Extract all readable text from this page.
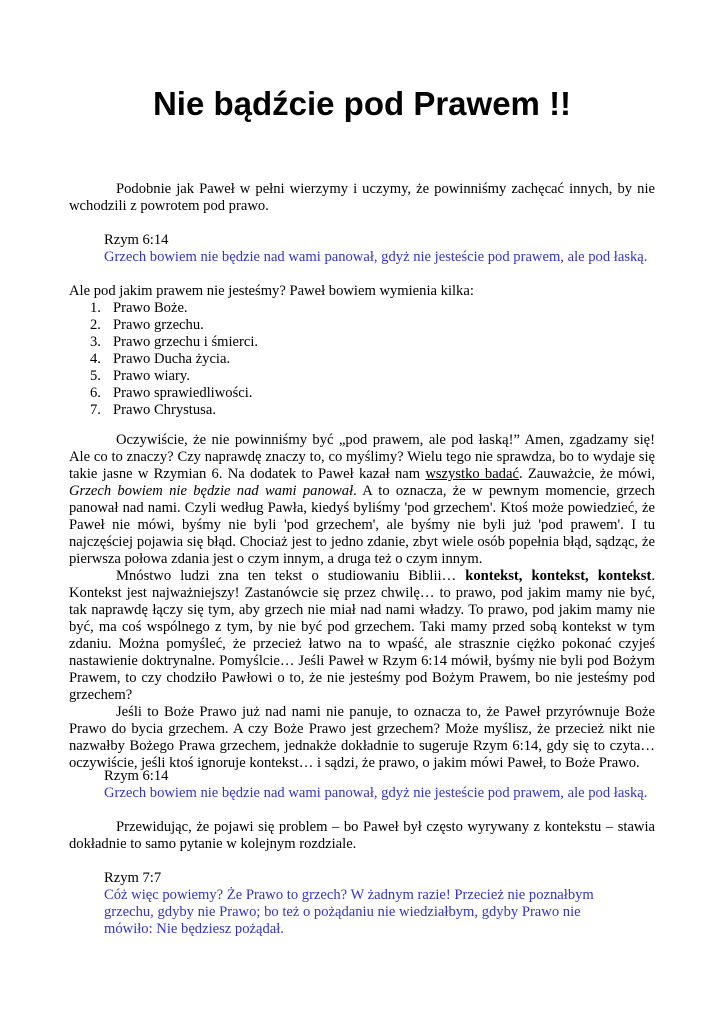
Nie bądźcie pod Prawem !!

Podobnie jak Paweł w pełni wierzymy i uczymy, że powinniśmy zachęcać innych, by nie wchodzili z powrotem pod prawo.

Rzym 6:14

Grzech bowiem nie będzie nad wami panował, gdyż nie jesteście pod prawem, ale pod łaską.

Ale pod jakim prawem nie jesteśmy? Paweł bowiem wymienia kilka:

1. Prawo Boże.
2. Prawo grzechu.
3. Prawo grzechu i śmierci.
4. Prawo Ducha życia.
5. Prawo wiary.
6. Prawo sprawiedliwości.
7. Prawo Chrystusa.

Oczywiście, że nie powinniśmy być „pod prawem, ale pod łaską!” Amen, zgadzamy się! Ale co to znaczy? Czy naprawdę znaczy to, co myślimy? Wielu tego nie sprawdza, bo to wydaje się takie jasne w Rzymian 6. Na dodatek to Paweł kazał nam wszystko badać. Zauważcie, że mówi, Grzech bowiem nie będzie nad wami panował. A to oznacza, że w pewnym momencie, grzech panował nad nami. Czyli według Pawła, kiedyś byliśmy 'pod grzechem'. Ktoś może powiedzieć, że Paweł nie mówi, byśmy nie byli 'pod grzechem', ale byśmy nie byli już 'pod prawem'. I tu najczęściej pojawia się błąd. Chociaż jest to jedno zdanie, zbyt wiele osób popełnia błąd, sądząc, że pierwsza połowa zdania jest o czym innym, a druga też o czym innym.

Mnóstwo ludzi zna ten tekst o studiowaniu Biblii… kontekst, kontekst, kontekst. Kontekst jest najważniejszy! Zastanówcie się przez chwilę… to prawo, pod jakim mamy nie być, tak naprawdę łączy się tym, aby grzech nie miał nad nami władzy. To prawo, pod jakim mamy nie być, ma coś wspólnego z tym, by nie być pod grzechem. Taki mamy przed sobą kontekst w tym zdaniu. Można pomyśleć, że przecież łatwo na to wpaść, ale strasznie ciężko pokonać czyjeś nastawienie doktrynalne. Pomyślcie… Jeśli Paweł w Rzym 6:14 mówił, byśmy nie byli pod Bożym Prawem, to czy chodziło Pawłowi o to, że nie jesteśmy pod Bożym Prawem, bo nie jesteśmy pod grzechem?

Jeśli to Boże Prawo już nad nami nie panuje, to oznacza to, że Paweł przyrównuje Boże Prawo do bycia grzechem. A czy Boże Prawo jest grzechem? Może myślisz, że przecież nikt nie nazwałby Bożego Prawa grzechem, jednakże dokładnie to sugeruje Rzym 6:14, gdy się to czyta… oczywiście, jeśli ktoś ignoruje kontekst… i sądzi, że prawo, o jakim mówi Paweł, to Boże Prawo.

Rzym 6:14

Grzech bowiem nie będzie nad wami panował, gdyż nie jesteście pod prawem, ale pod łaską.

Przewidując, że pojawi się problem – bo Paweł był często wyrywany z kontekstu – stawia dokładnie to samo pytanie w kolejnym rozdziale.

Rzym 7:7

Cóż więc powiemy? Że Prawo to grzech? W żadnym razie! Przecież nie poznałbym grzechu, gdyby nie Prawo; bo też o pożądaniu nie wiedziałbym, gdyby Prawo nie mówiło: Nie będziesz pożądał.
